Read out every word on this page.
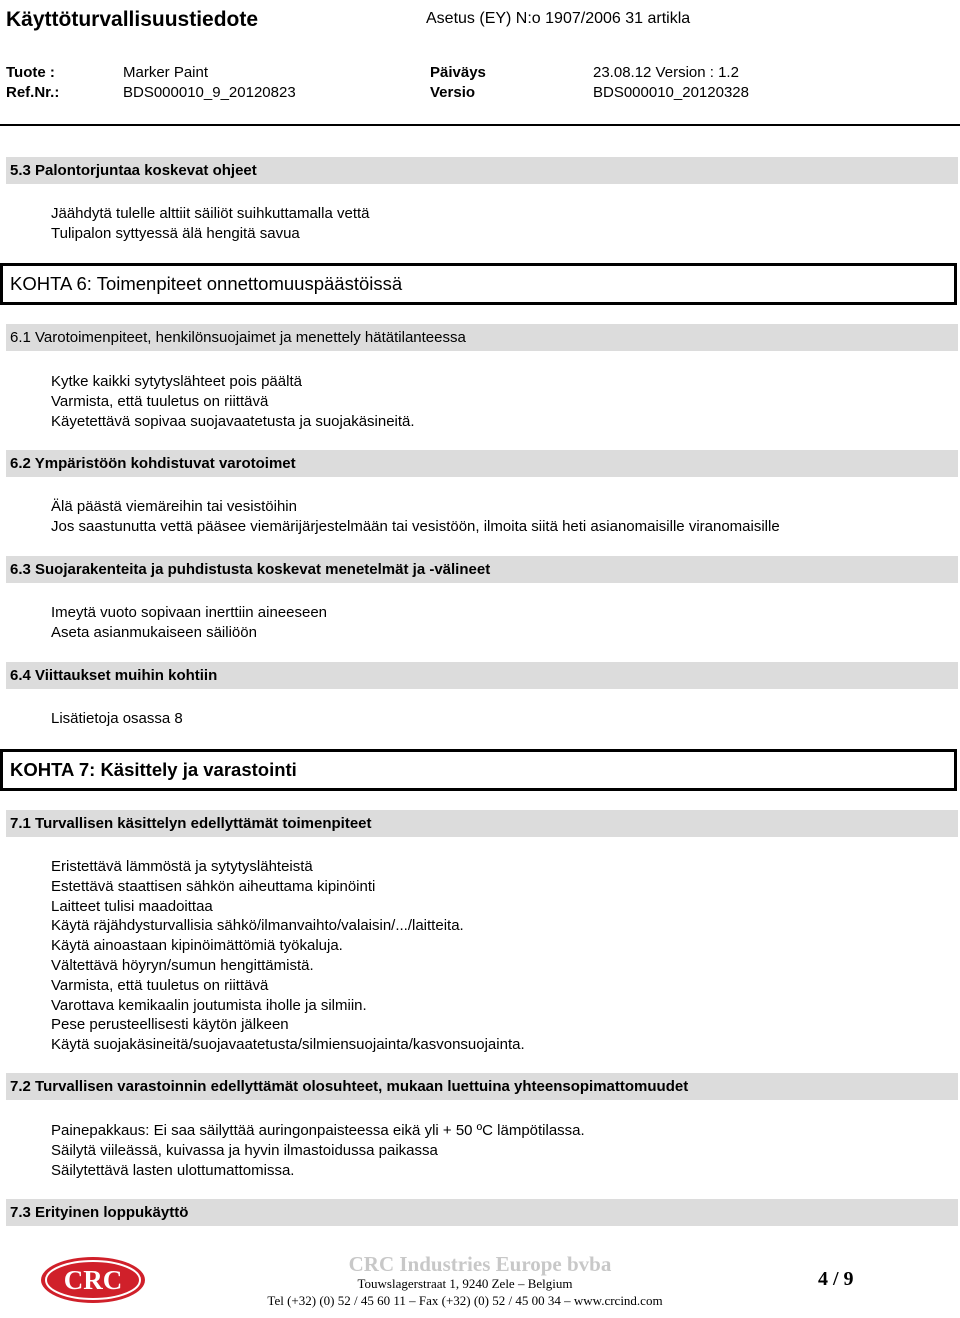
Käyttöturvallisuustiedote	Asetus (EY) N:o 1907/2006 31 artikla
Tuote :	Marker Paint	Päiväys	23.08.12 Version : 1.2
Ref.Nr.:	BDS000010_9_20120823	Versio	BDS000010_20120328
5.3 Palontorjuntaa koskevat ohjeet
Jäähdytä tulelle alttiit säiliöt suihkuttamalla vettä
Tulipalon syttyessä älä hengitä savua
KOHTA 6: Toimenpiteet onnettomuuspäästöissä
6.1 Varotoimenpiteet, henkilönsuojaimet ja menettely hätätilanteessa
Kytke kaikki sytytyslähteet pois päältä
Varmista, että tuuletus on riittävä
Käyetettävä sopivaa suojavaatetusta ja suojakäsineitä.
6.2 Ympäristöön kohdistuvat varotoimet
Älä päästä viemäreihin tai vesistöihin
Jos saastunutta vettä pääsee viemärijärjestelmään tai vesistöön, ilmoita siitä heti asianomaisille viranomaisille
6.3 Suojarakenteita ja puhdistusta koskevat menetelmät ja -välineet
Imeytä vuoto sopivaan inerttiin aineeseen
Aseta asianmukaiseen säiliöön
6.4 Viittaukset muihin kohtiin
Lisätietoja osassa 8
KOHTA 7: Käsittely ja varastointi
7.1 Turvallisen käsittelyn edellyttämät toimenpiteet
Eristettävä lämmöstä ja sytytyslähteistä
Estettävä staattisen sähkön aiheuttama kipinöinti
Laitteet tulisi maadoittaa
Käytä räjähdysturvallisia sähkö/ilmanvaihto/valaisin/.../laitteita.
Käytä ainoastaan kipinöimättömiä työkaluja.
Vältettävä höyryn/sumun hengittämistä.
Varmista, että tuuletus on riittävä
Varottava kemikaalin joutumista iholle ja silmiin.
Pese perusteellisesti käytön jälkeen
Käytä suojakäsineitä/suojavaatetusta/silmiensuojainta/kasvonsuojainta.
7.2 Turvallisen varastoinnin edellyttämät olosuhteet, mukaan luettuina yhteensopimattomuudet
Painepakkaus: Ei saa säilyttää auringonpaisteessa eikä yli + 50 ºC lämpötilassa.
Säilytä viileässä, kuivassa ja hyvin ilmastoidussa paikassa
Säilytettävä lasten ulottumattomissa.
7.3 Erityinen loppukäyttö
CRC
CRC Industries Europe bvba
Touwslagerstraat 1, 9240 Zele – Belgium
Tel (+32) (0) 52 / 45 60 11 – Fax (+32) (0) 52 / 45 00 34 – www.crcind.com
4 / 9
